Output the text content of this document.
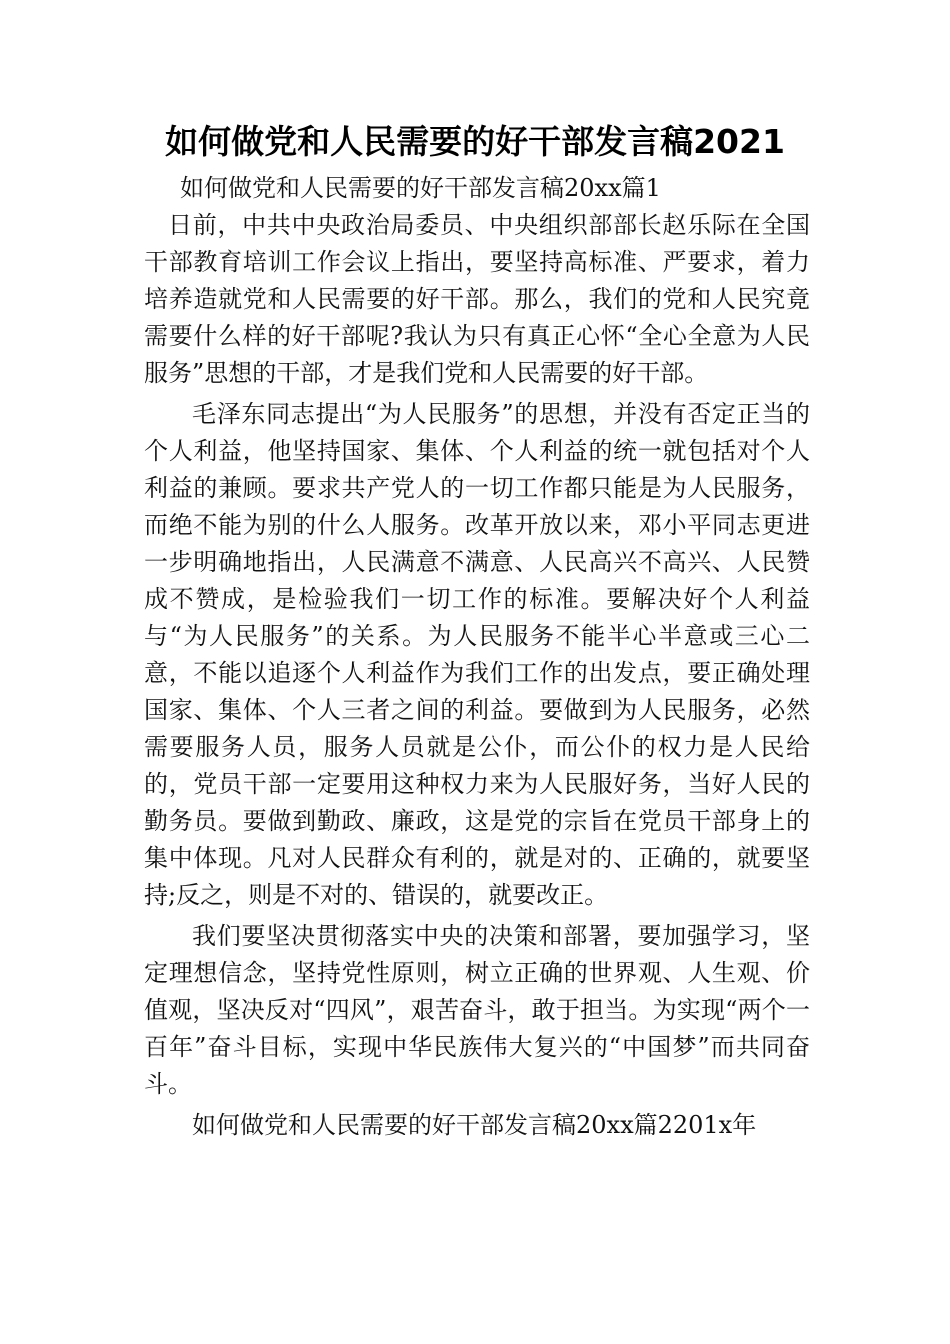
如何做党和人民需要的好干部发言稿2021

如何做党和人民需要的好干部发言稿20xx篇1

日前，中共中央政治局委员、中央组织部部长赵乐际在全国干部教育培训工作会议上指出，要坚持高标准、严要求，着力培养造就党和人民需要的好干部。那么，我们的党和人民究竟需要什么样的好干部呢?我认为只有真正心怀“全心全意为人民服务”思想的干部，才是我们党和人民需要的好干部。

毛泽东同志提出“为人民服务”的思想，并没有否定正当的个人利益，他坚持国家、集体、个人利益的统一就包括对个人利益的兼顾。要求共产党人的一切工作都只能是为人民服务，而绝不能为别的什么人服务。改革开放以来，邓小平同志更进一步明确地指出，人民满意不满意、人民高兴不高兴、人民赞成不赞成，是检验我们一切工作的标准。要解决好个人利益与“为人民服务”的关系。为人民服务不能半心半意或三心二意，不能以追逐个人利益作为我们工作的出发点，要正确处理国家、集体、个人三者之间的利益。要做到为人民服务，必然需要服务人员，服务人员就是公仆，而公仆的权力是人民给的，党员干部一定要用这种权力来为人民服好务，当好人民的勤务员。要做到勤政、廉政，这是党的宗旨在党员干部身上的集中体现。凡对人民群众有利的，就是对的、正确的，就要坚持;反之，则是不对的、错误的，就要改正。

我们要坚决贯彻落实中央的决策和部署，要加强学习，坚定理想信念，坚持党性原则，树立正确的世界观、人生观、价值观，坚决反对“四风”，艰苦奋斗，敢于担当。为实现“两个一百年”奋斗目标，实现中华民族伟大复兴的“中国梦”而共同奋斗。

如何做党和人民需要的好干部发言稿20xx篇2201x年
